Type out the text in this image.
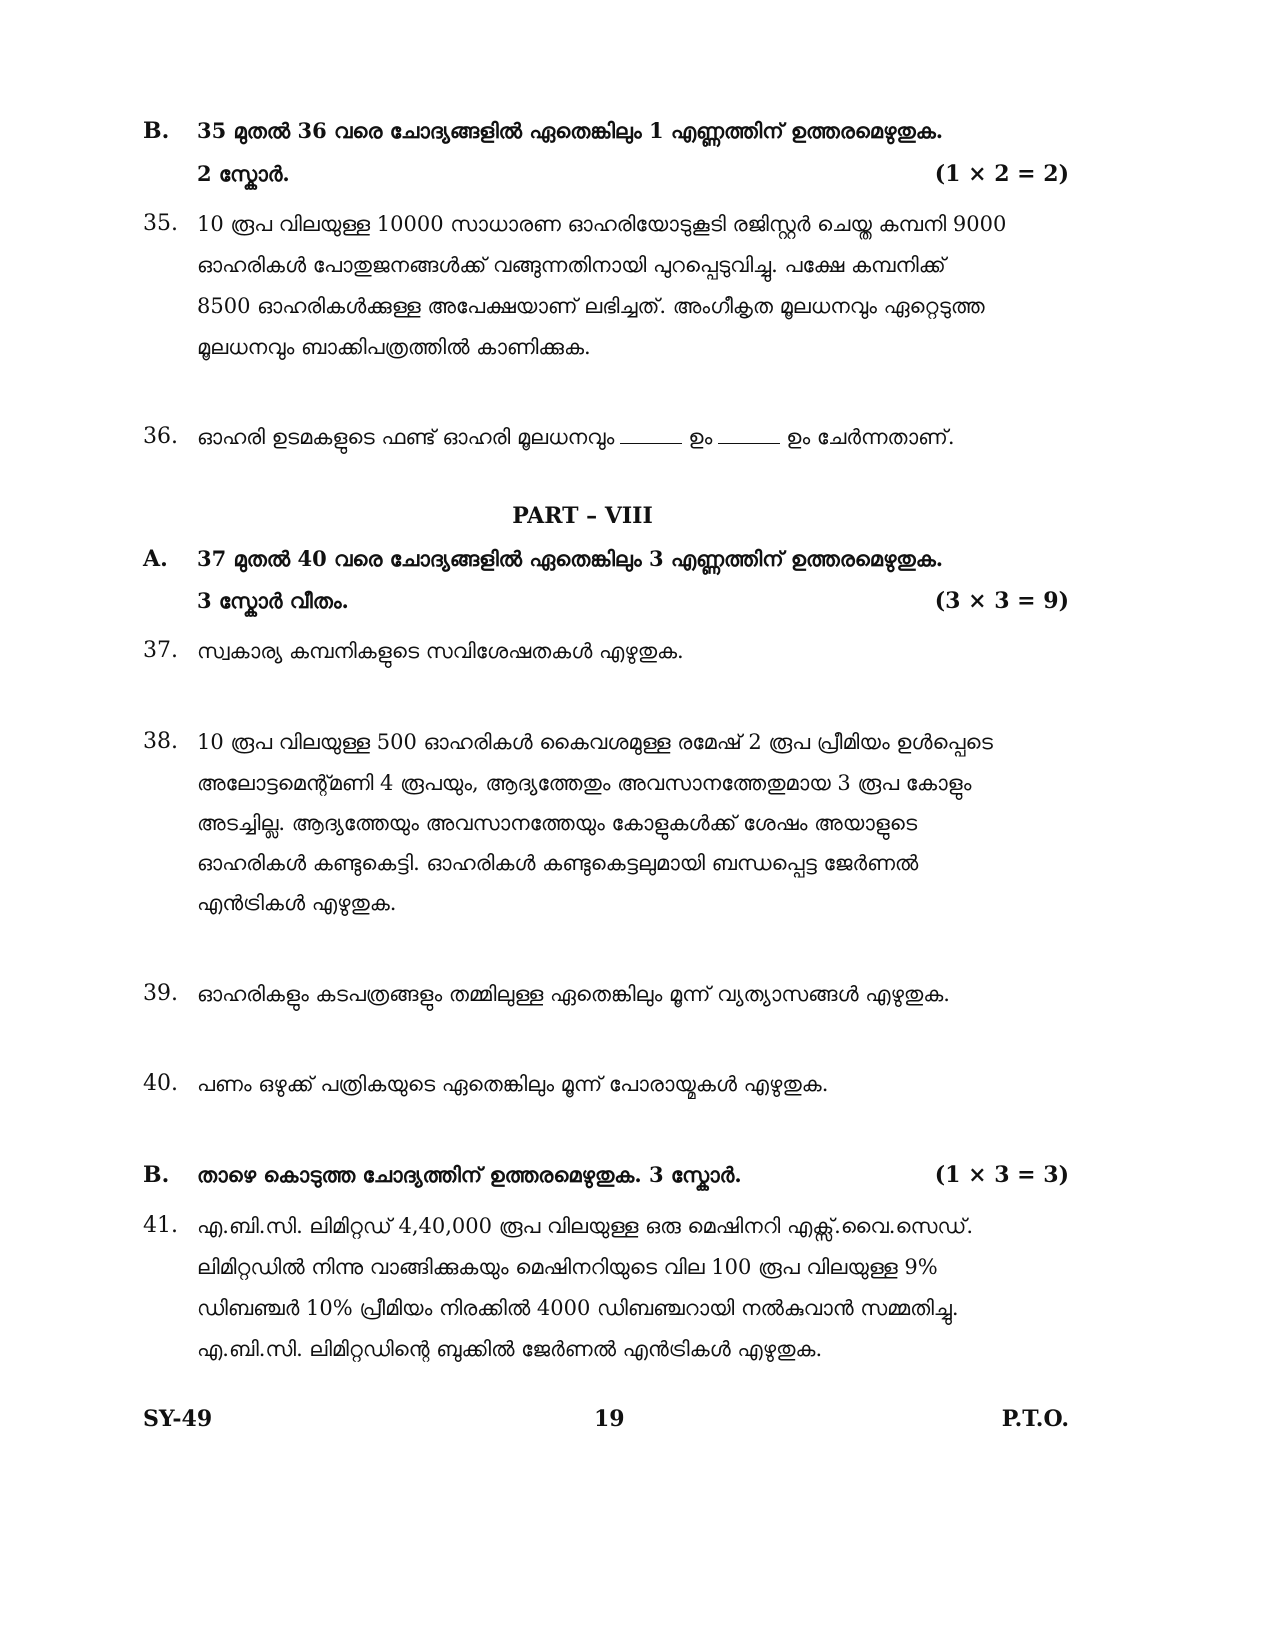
B. 35 മുതൽ 36 വരെ ചോദ്യങ്ങളിൽ ഏതെങ്കിലും 1 എണ്ണത്തിന് ഉത്തരമെഴുതുക.
2 സ്കോർ.	(1 × 2 = 2)
35. 10 രൂപ വിലയുള്ള 10000 സാധാരണ ഓഹരിയോടുകൂടി രജിസ്റ്റർ ചെയ്ത കമ്പനി 9000
ഓഹരികൾ പോതുജനങ്ങൾക്ക് വങ്ങുന്നതിനായി പുറപ്പെടുവിച്ചു. പക്ഷേ കമ്പനിക്ക്
8500 ഓഹരികൾക്കുള്ള അപേക്ഷയാണ് ലഭിച്ചത്. അംഗീകൃത മൂലധനവും ഏറ്റെടുത്ത
മൂലധനവും ബാക്കിപത്രത്തിൽ കാണിക്കുക.
36. ഓഹരി ഉടമകളുടെ ഫണ്ട് ഓഹരി മൂലധനവും	ഉം	ഉം ചേർന്നതാണ്.
PART – VIII
A. 37 മുതൽ 40 വരെ ചോദ്യങ്ങളിൽ ഏതെങ്കിലും 3 എണ്ണത്തിന് ഉത്തരമെഴുതുക.
3 സ്കോർ വീതം.	(3 × 3 = 9)
37. സ്വകാര്യ കമ്പനികളുടെ സവിശേഷതകൾ എഴുതുക.
38. 10 രൂപ വിലയുള്ള 500 ഓഹരികൾ കൈവശമുള്ള രമേഷ് 2 രൂപ പ്രീമിയം ഉൾപ്പെടെ
അലോട്ടമെന്റ്മണി 4 രൂപയും, ആദ്യത്തേതും അവസാനത്തേതുമായ 3 രൂപ കോളും
അടച്ചില്ല. ആദ്യത്തേയും അവസാനത്തേയും കോളുകൾക്ക് ശേഷം അയാളുടെ
ഓഹരികൾ കണ്ടുകെട്ടി. ഓഹരികൾ കണ്ടുകെട്ടലുമായി ബന്ധപ്പെട്ട ജേർണൽ
എൻട്രികൾ എഴുതുക.
39. ഓഹരികളും കടപത്രങ്ങളും തമ്മിലുള്ള ഏതെങ്കിലും മൂന്ന് വ്യത്യാസങ്ങൾ എഴുതുക.
40. പണം ഒഴുക്ക് പത്രികയുടെ ഏതെങ്കിലും മൂന്ന് പോരായ്മകൾ എഴുതുക.
B. താഴെ കൊടുത്ത ചോദ്യത്തിന് ഉത്തരമെഴുതുക. 3 സ്കോർ.	(1 × 3 = 3)
41. എ.ബി.സി. ലിമിറ്റഡ് 4,40,000 രൂപ വിലയുള്ള ഒരു മെഷിനറി എക്സ്.വൈ.സെഡ്.
ലിമിറ്റഡിൽ നിന്നു വാങ്ങിക്കുകയും മെഷിനറിയുടെ വില 100 രൂപ വിലയുള്ള 9%
ഡിബഞ്ചർ 10% പ്രീമിയം നിരക്കിൽ 4000 ഡിബഞ്ചറായി നൽകുവാൻ സമ്മതിച്ചു.
എ.ബി.സി. ലിമിറ്റഡിന്റെ ബുക്കിൽ ജേർണൽ എൻട്രികൾ എഴുതുക.
SY-49	19	P.T.O.
